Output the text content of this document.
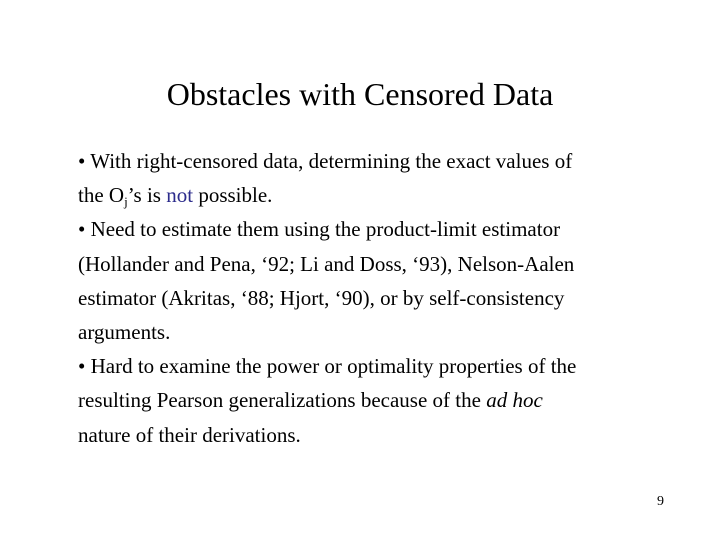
Obstacles with Censored Data
• With right-censored data, determining the exact values of
the $O_j’s$ is not possible.
• Need to estimate them using the product-limit estimator
(Hollander and Pena, ‘92; Li and Doss, ‘93), Nelson-Aalen
estimator (Akritas, ‘88; Hjort, ‘90), or by self-consistency
arguments.
• Hard to examine the power or optimality properties of the
resulting Pearson generalizations because of the ad hoc
nature of their derivations.
9
